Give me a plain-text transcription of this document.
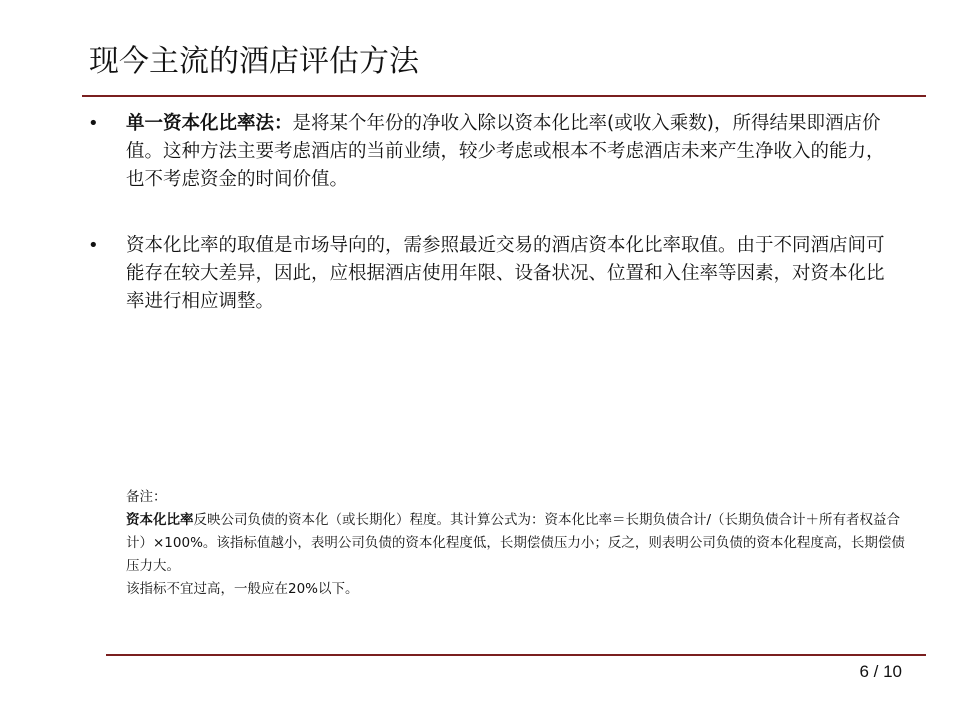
现今主流的酒店评估方法
• 单一资本化比率法：是将某个年份的净收入除以资本化比率(或收入乘数)，所得结果即酒店价值。这种方法主要考虑酒店的当前业绩，较少考虑或根本不考虑酒店未来产生净收入的能力，也不考虑资金的时间价值。
• 资本化比率的取值是市场导向的，需参照最近交易的酒店资本化比率取值。由于不同酒店间可能存在较大差异，因此，应根据酒店使用年限、设备状况、位置和入住率等因素，对资本化比率进行相应调整。

备注：

资本化比率反映公司负债的资本化（或长期化）程度。其计算公式为：资本化比率＝长期负债合计/（长期负债合计＋所有者权益合计）×100%。该指标值越小，表明公司负债的资本化程度低，长期偿债压力小；反之，则表明公司负债的资本化程度高，长期偿债压力大。

该指标不宜过高，一般应在20%以下。

6 / 10
